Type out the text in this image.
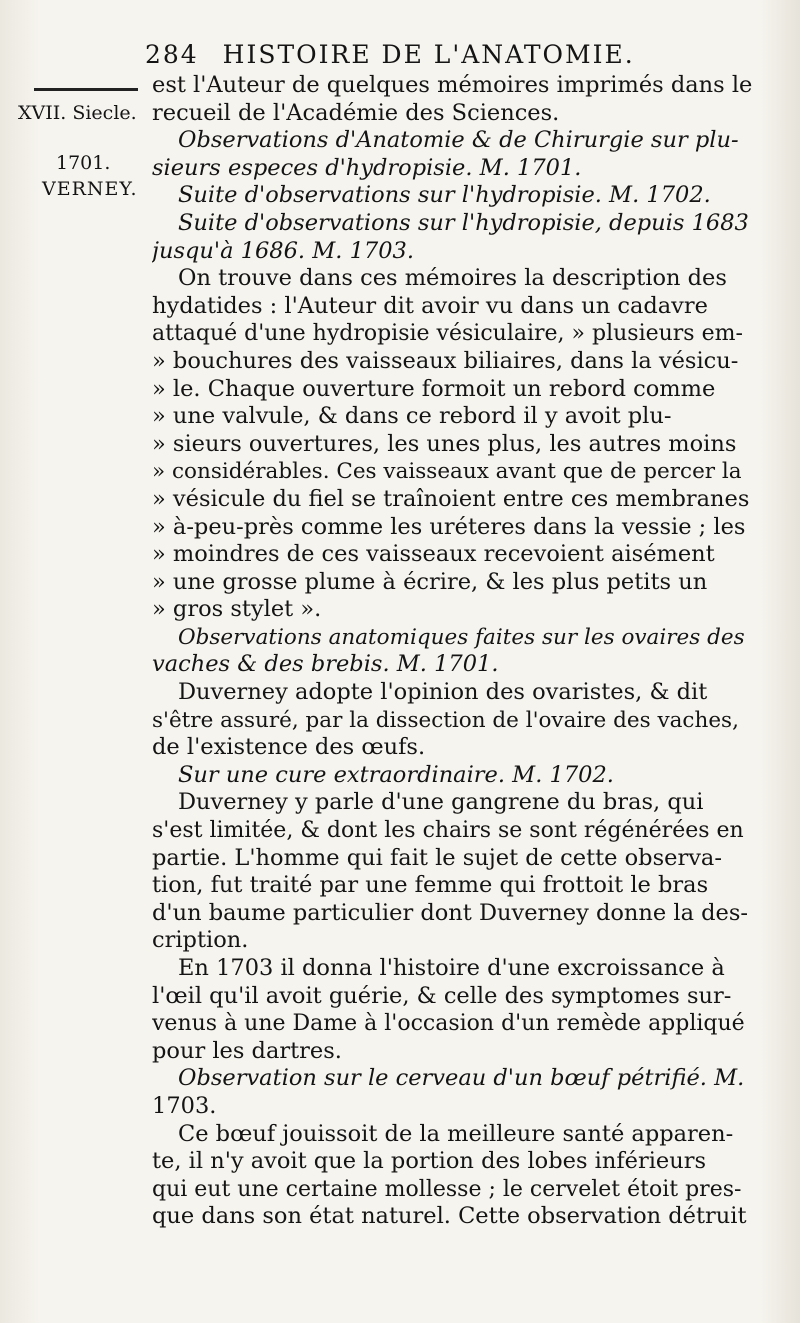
284 HISTOIRE DE L'ANATOMIE.
XVII. Siecle.
1701.
VERNEY.
est l'Auteur de quelques mémoires imprimés dans le
recueil de l'Académie des Sciences.
Observations d'Anatomie & de Chirurgie sur plu-
sieurs especes d'hydropisie. M. 1701.
Suite d'observations sur l'hydropisie. M. 1702.
Suite d'observations sur l'hydropisie, depuis 1683
jusqu'à 1686. M. 1703.
On trouve dans ces mémoires la description des
hydatides : l'Auteur dit avoir vu dans un cadavre
attaqué d'une hydropisie vésiculaire, » plusieurs em-
» bouchures des vaisseaux biliaires, dans la vésicu-
» le. Chaque ouverture formoit un rebord comme
» une valvule, & dans ce rebord il y avoit plu-
» sieurs ouvertures, les unes plus, les autres moins
» considérables. Ces vaisseaux avant que de percer la
» vésicule du fiel se traînoient entre ces membranes
» à-peu-près comme les uréteres dans la vessie ; les
» moindres de ces vaisseaux recevoient aisément
» une grosse plume à écrire, & les plus petits un
» gros stylet ».
Observations anatomiques faites sur les ovaires des
vaches & des brebis. M. 1701.
Duverney adopte l'opinion des ovaristes, & dit
s'être assuré, par la dissection de l'ovaire des vaches,
de l'existence des œufs.
Sur une cure extraordinaire. M. 1702.
Duverney y parle d'une gangrene du bras, qui
s'est limitée, & dont les chairs se sont régénérées en
partie. L'homme qui fait le sujet de cette observa-
tion, fut traité par une femme qui frottoit le bras
d'un baume particulier dont Duverney donne la des-
cription.
En 1703 il donna l'histoire d'une excroissance à
l'œil qu'il avoit guérie, & celle des symptomes sur-
venus à une Dame à l'occasion d'un remède appliqué
pour les dartres.
Observation sur le cerveau d'un bœuf pétrifié. M.
1703.
Ce bœuf jouissoit de la meilleure santé apparen-
te, il n'y avoit que la portion des lobes inférieurs
qui eut une certaine mollesse ; le cervelet étoit pres-
que dans son état naturel. Cette observation détruit
